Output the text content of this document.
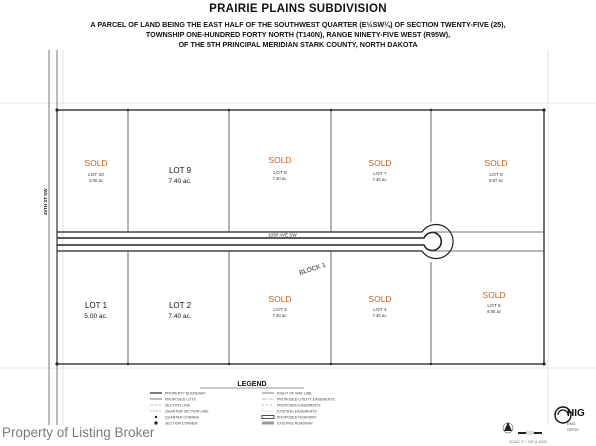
PRAIRIE PLAINS SUBDIVISION
A PARCEL OF LAND BEING THE EAST HALF OF THE SOUTHWEST QUARTER (E½SW¼) OF SECTION TWENTY-FIVE (25),
TOWNSHIP ONE-HUNDRED FORTY NORTH (T140N), RANGE NINETY-FIVE WEST (R95W),
OF THE 5TH PRINCIPAL MERIDIAN STARK COUNTY, NORTH DAKOTA
26TH ST SW
103P AVE SW
BLOCK 1
SOLD
LOT 10
5.00 ac
LOT 9
7.40 ac.
SOLD
LOT 8
7.40 ac.
SOLD
LOT 7
7.40 ac.
SOLD
LOT 6
9.97 ac
LOT 1
5.00 ac.
LOT 2
7.40 ac.
SOLD
LOT 3
7.40 ac.
SOLD
LOT 4
7.40 ac.
SOLD
LOT 5
9.90 ac
LEGEND
PROPERTY BOUNDARY
PROPOSED LOTS
SECTION LINE
QUARTER SECTION LINE
QUARTER CORNER
SECTION CORNER
RIGHT OF WAY LINE
PROPOSED UTILITY EASEMENTS
PROPOSED EASEMENTS
EXISTING EASEMENTS
PROPOSED ROADWAY
EXISTING ROADWAY
SCALE: 1" = 100' (1:1200)
HIG
ENG
OFFIC
Property of Listing Broker
